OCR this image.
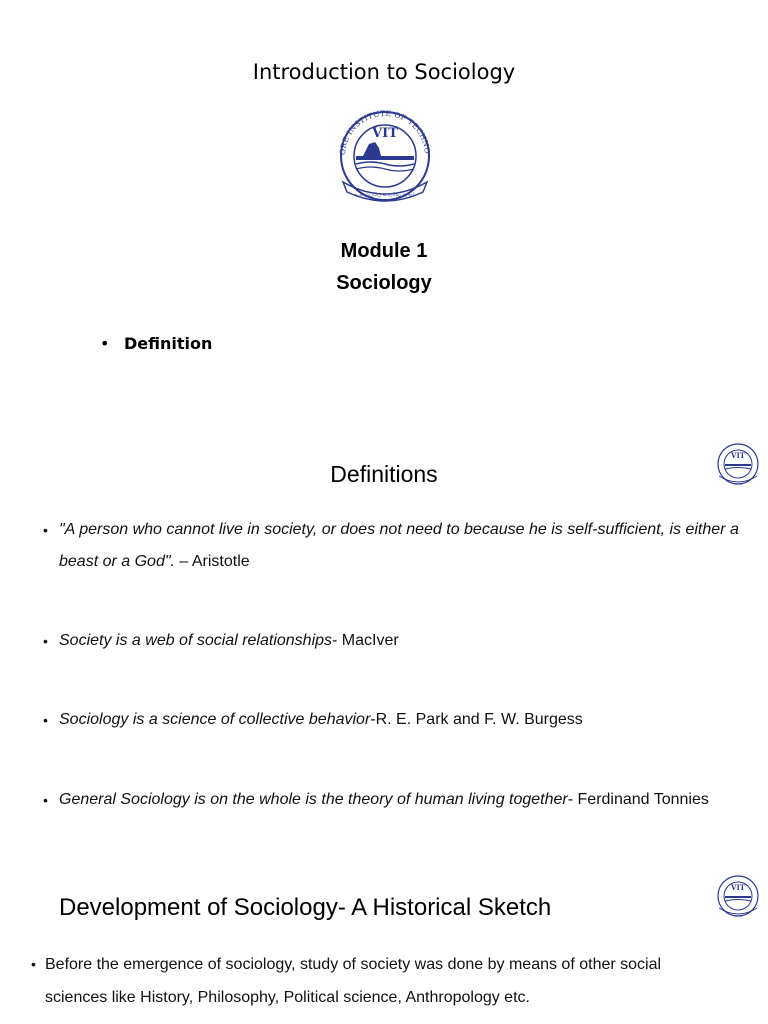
Introduction to Sociology
ORE INSTITUTE OF TECHNO
VIT
உழைப்பே உயர்வு தரும்
Module 1
Sociology
• Definition
Definitions
VIT
• "A person who cannot live in society, or does not need to because he is self-sufficient, is either a beast or a God". – Aristotle
• Society is a web of social relationships- MacIver
• Sociology is a science of collective behavior-R. E. Park and F. W. Burgess
• General Sociology is on the whole is the theory of human living together- Ferdinand Tonnies
Development of Sociology- A Historical Sketch
VIT
• Before the emergence of sociology, study of society was done by means of other social sciences like History, Philosophy, Political science, Anthropology etc.
